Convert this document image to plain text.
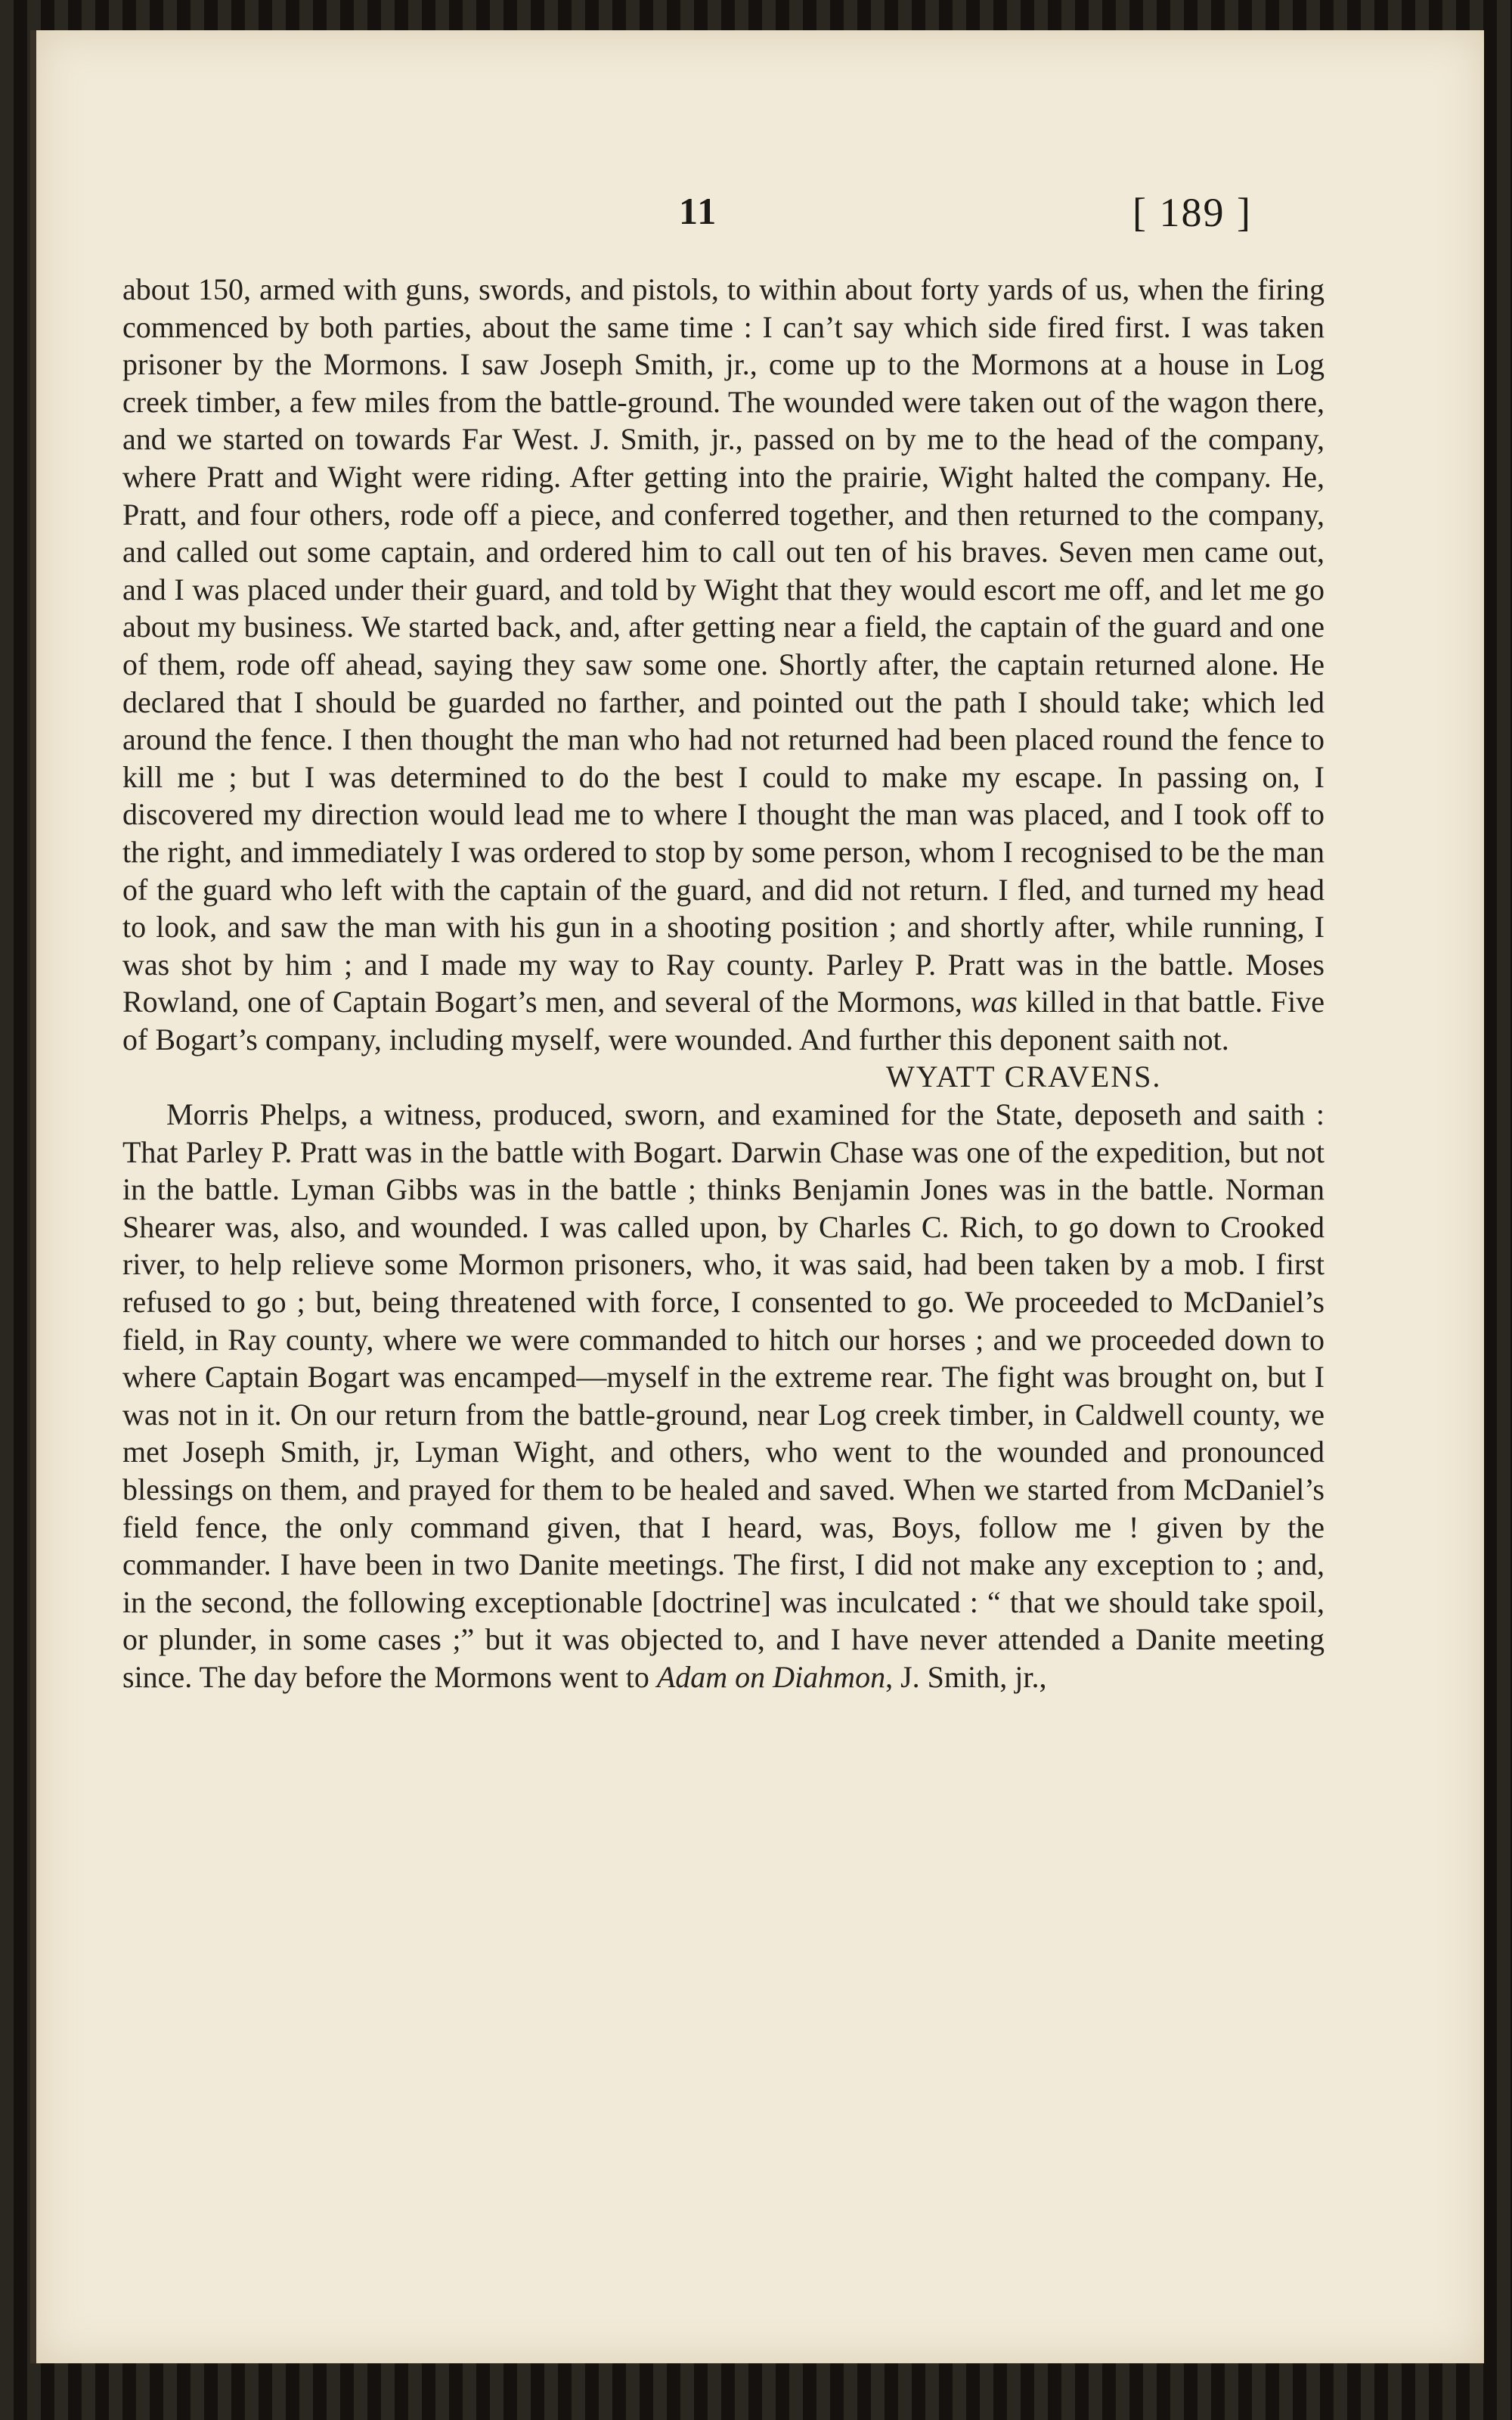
11	[ 189 ]

about 150, armed with guns, swords, and pistols, to within about forty yards of us, when the firing commenced by both parties, about the same time : I can’t say which side fired first. I was taken prisoner by the Mormons. I saw Joseph Smith, jr., come up to the Mormons at a house in Log creek timber, a few miles from the battle-ground. The wounded were taken out of the wagon there, and we started on towards Far West. J. Smith, jr., passed on by me to the head of the company, where Pratt and Wight were riding. After getting into the prairie, Wight halted the company. He, Pratt, and four others, rode off a piece, and conferred together, and then returned to the company, and called out some captain, and ordered him to call out ten of his braves. Seven men came out, and I was placed under their guard, and told by Wight that they would escort me off, and let me go about my business. We started back, and, after getting near a field, the captain of the guard and one of them, rode off ahead, saying they saw some one. Shortly after, the captain returned alone. He declared that I should be guarded no farther, and pointed out the path I should take; which led around the fence. I then thought the man who had not returned had been placed round the fence to kill me ; but I was determined to do the best I could to make my escape. In passing on, I discovered my direction would lead me to where I thought the man was placed, and I took off to the right, and immediately I was ordered to stop by some person, whom I recognised to be the man of the guard who left with the captain of the guard, and did not return. I fled, and turned my head to look, and saw the man with his gun in a shooting position ; and shortly after, while running, I was shot by him ; and I made my way to Ray county. Parley P. Pratt was in the battle. Moses Rowland, one of Captain Bogart’s men, and several of the Mormons, was killed in that battle. Five of Bogart’s company, including myself, were wounded. And further this deponent saith not.

WYATT CRAVENS.

Morris Phelps, a witness, produced, sworn, and examined for the State, deposeth and saith : That Parley P. Pratt was in the battle with Bogart. Darwin Chase was one of the expedition, but not in the battle. Lyman Gibbs was in the battle ; thinks Benjamin Jones was in the battle. Norman Shearer was, also, and wounded. I was called upon, by Charles C. Rich, to go down to Crooked river, to help relieve some Mormon prisoners, who, it was said, had been taken by a mob. I first refused to go ; but, being threatened with force, I consented to go. We proceeded to McDaniel’s field, in Ray county, where we were commanded to hitch our horses ; and we proceeded down to where Captain Bogart was encamped—myself in the extreme rear. The fight was brought on, but I was not in it. On our return from the battle-ground, near Log creek timber, in Caldwell county, we met Joseph Smith, jr, Lyman Wight, and others, who went to the wounded and pronounced blessings on them, and prayed for them to be healed and saved. When we started from McDaniel’s field fence, the only command given, that I heard, was, Boys, follow me ! given by the commander. I have been in two Danite meetings. The first, I did not make any exception to ; and, in the second, the following exceptionable [doctrine] was inculcated : “ that we should take spoil, or plunder, in some cases ;” but it was objected to, and I have never attended a Danite meeting since. The day before the Mormons went to Adam on Diahmon, J. Smith, jr.,
